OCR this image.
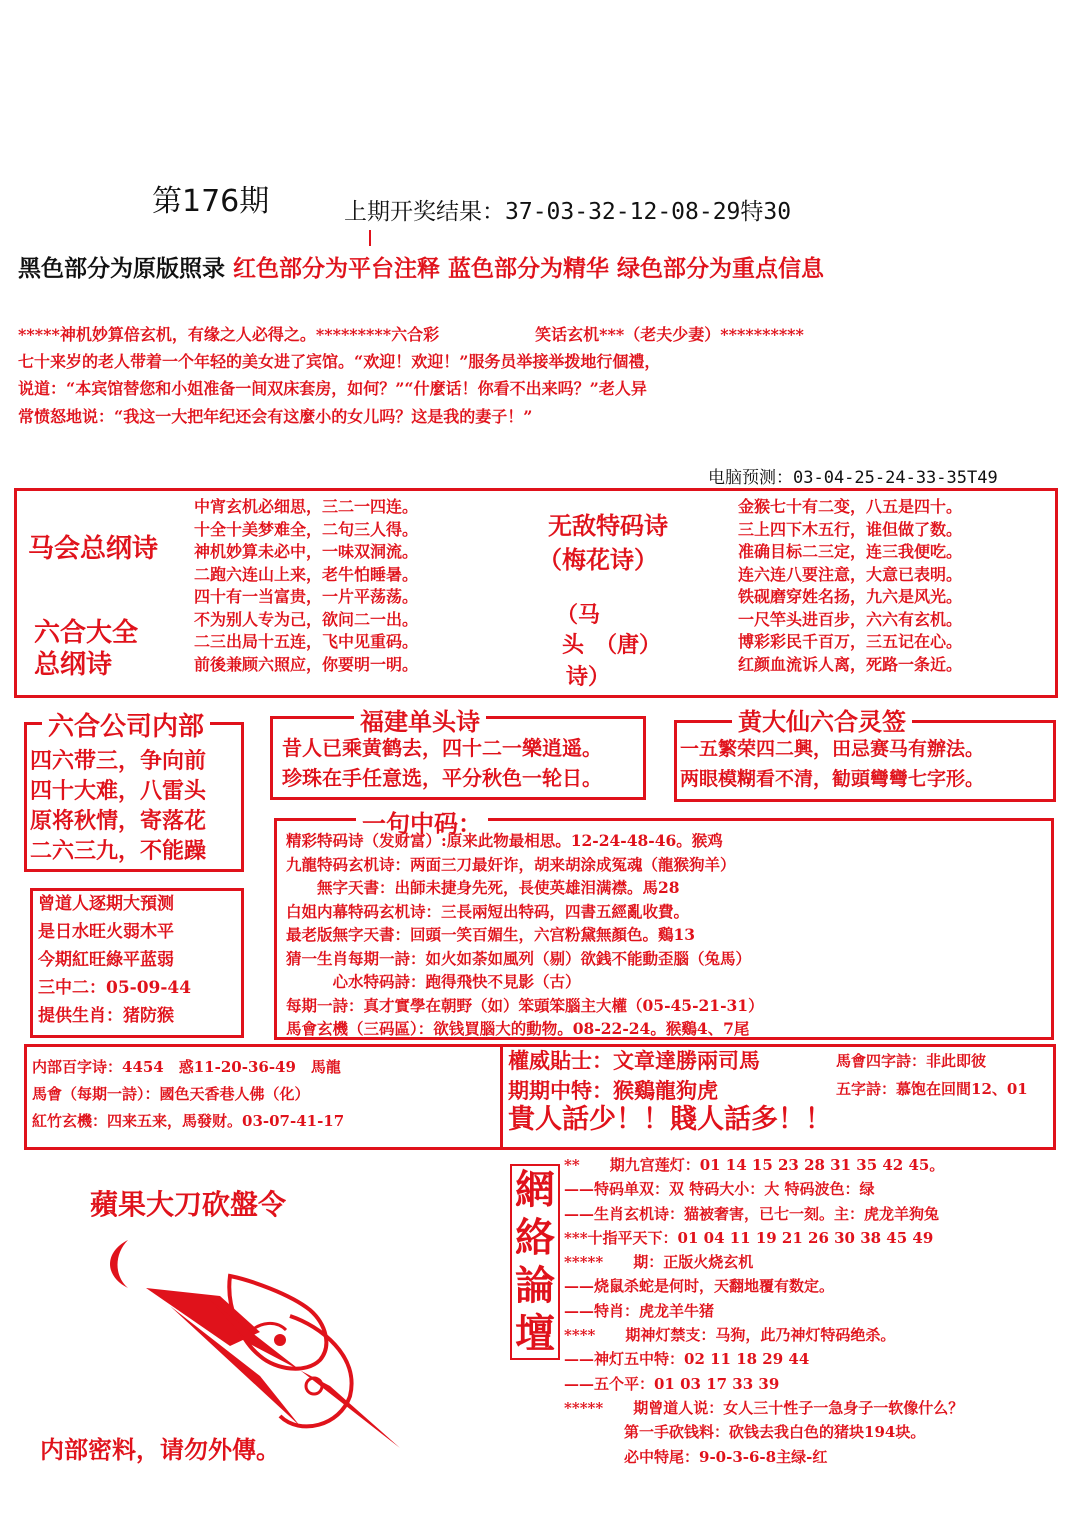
第176期	上期开奖结果：37-03-32-12-08-29特30
黑色部分为原版照录 红色部分为平台注释 蓝色部分为精华 绿色部分为重点信息
*****神机妙算倍玄机，有缘之人必得之。*********六合彩　　　　　　笑话玄机***（老夫少妻）**********
七十来岁的老人带着一个年轻的美女进了宾馆。“欢迎！欢迎！”服务员举接举拨地行個禮，
说道：“本宾馆替您和小姐准备一间双床套房，如何？”“什麼话！你看不出来吗？”老人异
常愤怒地说：“我这一大把年纪还会有这麼小的女儿吗？这是我的妻子！”
电脑预测：03-04-25-24-33-35T49
马会总纲诗
六合大全
总纲诗
中宵玄机必细思，三二一四连。
十全十美梦难全，二句三人得。
神机妙算未必中，一味双洞流。
二跑六连山上来，老牛怕睡暑。
四十有一当富贵，一片平荡荡。
不为别人专为己，欲问二一出。
二三出局十五连，飞中见重码。
前後兼顾六照应，你要明一明。
无敌特码诗
（梅花诗）
（马
头　（唐）
诗）
金猴七十有二变，八五是四十。
三上四下木五行，谁但做了数。
准确目标二三定，连三我便吃。
连六连八要注意，大意已表明。
铁砚磨穿姓名扬，九六是风光。
一尺竿头进百步，六六有玄机。
博彩彩民千百万，三五记在心。
红颜血流诉人离，死路一条近。
六合公司内部
四六带三，争向前
四十大难，八雷头
原将秋情，寄落花
二六三九，不能躁
福建单头诗
昔人已乘黄鹤去，四十二一樂逍遥。
珍珠在手任意选，平分秋色一轮日。
黄大仙六合灵签
一五繁荣四二興，田忌赛马有辦法。
两眼模糊看不清，勧頭彎彎七字形。
一句中码：
精彩特码诗（发财富）:原来此物最相思。12-24-48-46。猴鸡
九龍特码玄机诗：两面三刀最奸诈，胡来胡涂成冤魂（龍猴狗羊）
　　無字天書：出師未捷身先死，長使英雄泪满襟。馬28
白姐内幕特码玄机诗：三長兩短出特码，四書五經亂收費。
最老版無字天書：回頭一笑百媚生，六宫粉黛無顏色。鷄13
猜一生肖每期一詩：如火如荼如風列（剔）欲銭不能動歪腦（兔馬）
　　　心水特码詩：跑得飛快不見影（古）
每期一詩：真才實學在朝野（如）笨頭笨腦主大權（05-45-21-31）
馬會玄機（三码區）：欲钱買腦大的動物。08-22-24。猴鷄4、7尾
曾道人逐期大預测
是日水旺火弱木平
今期紅旺綠平蓝弱
三中二：05-09-44
提供生肖：猪防猴
内部百字诗：4454　惑11-20-36-49　馬龍
馬會（每期一詩）：國色天香巷人佛（化）
紅竹玄機：四来五来，馬發财。03-07-41-17
權威貼士：文章達勝兩司馬	馬會四字詩：非此即彼
期期中特：猴鷄龍狗虎	五字詩：慕饱在回間12、01
貴人話少！！賤人話多！！
蘋果大刀砍盤令
内部密料，请勿外傳。
網
絡
論
壇
**　　期九宫莲灯：01 14 15 23 28 31 35 42 45。
——特码单双：双 特码大小：大 特码波色：绿
——生肖玄机诗：猫被奢害，已七一刻。主：虎龙羊狗兔
***十指平天下：01 04 11 19 21 26 30 38 45 49
*****　　期：正版火烧玄机
——烧鼠杀蛇是何时，天翻地覆有数定。
——特肖：虎龙羊牛猪
****　　期神灯禁支：马狗，此乃神灯特码绝杀。
——神灯五中特：02 11 18 29 44
——五个平：01 03 17 33 39
*****　　期曾道人说：女人三十性子一急身子一软像什么？
　　　　第一手砍钱料：砍钱去我白色的猪块194块。
　　　　必中特尾：9-0-3-6-8主绿-红
